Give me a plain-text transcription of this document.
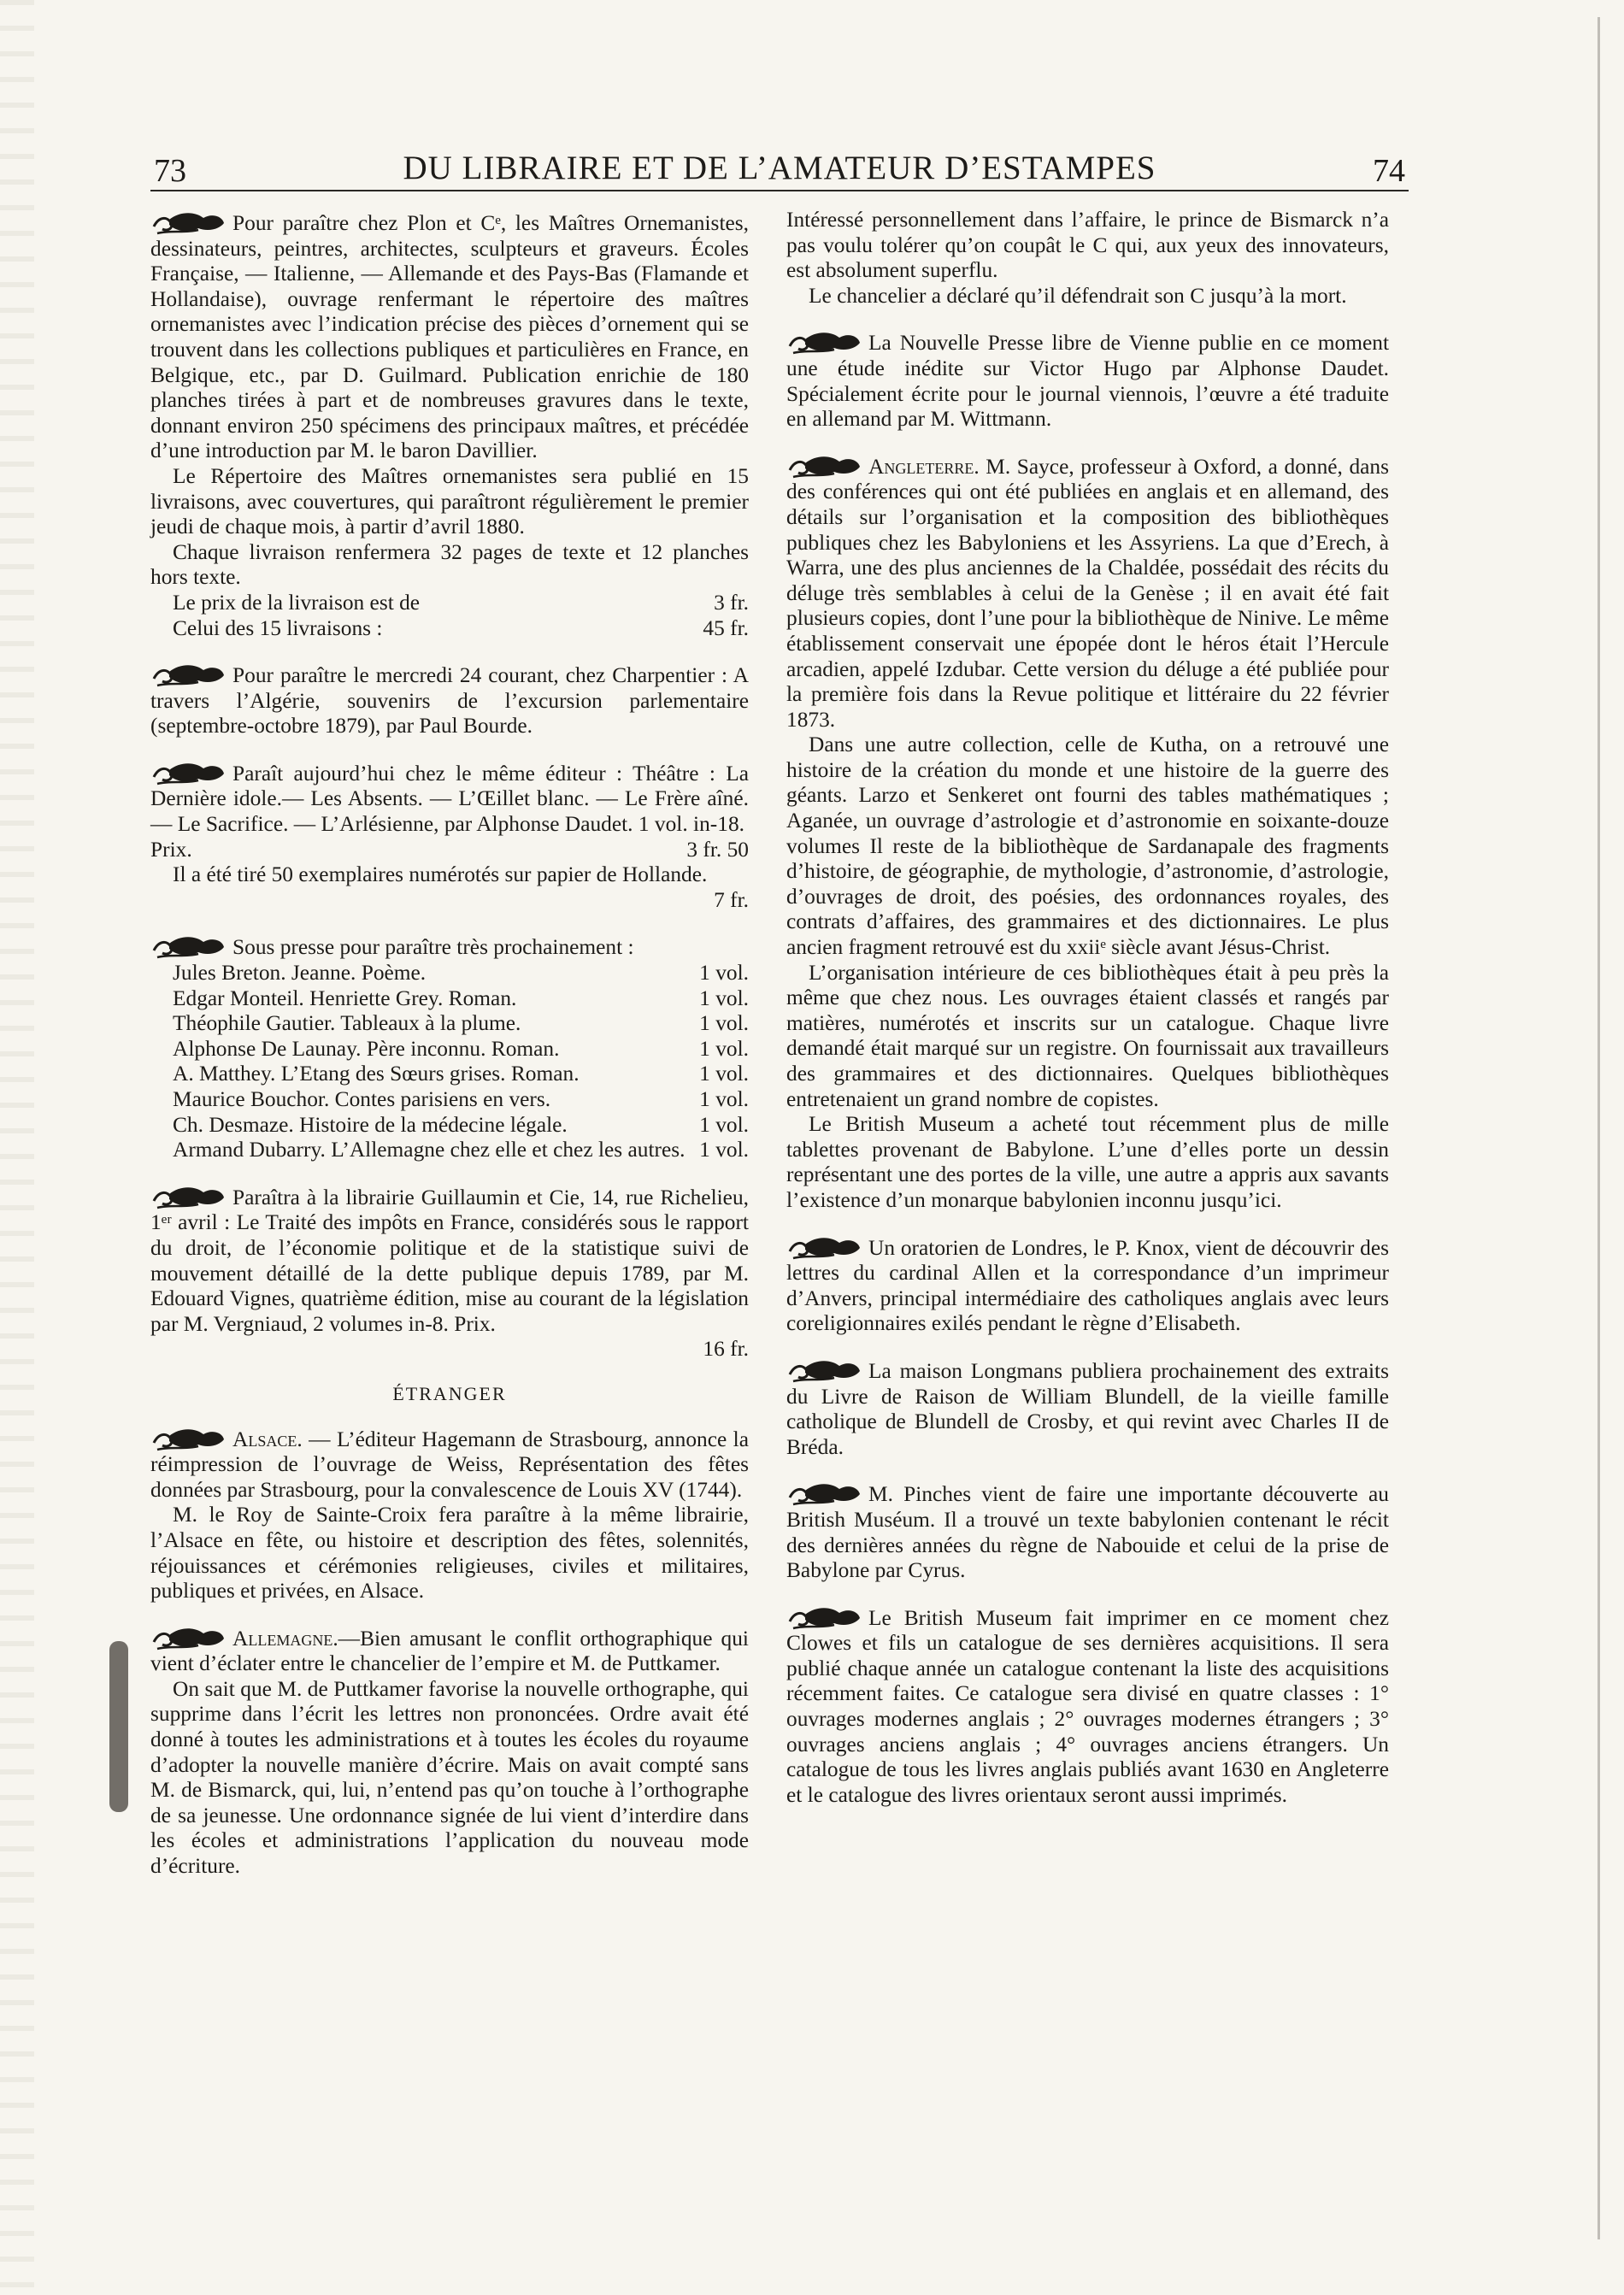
73	DU LIBRAIRE ET DE L’AMATEUR D’ESTAMPES	74

Pour paraître chez Plon et Cᵉ, les Maîtres Ornemanistes, dessinateurs, peintres, architectes, sculpteurs et graveurs. Écoles Française, — Italienne, — Allemande et des Pays-Bas (Flamande et Hollandaise), ouvrage renfermant le répertoire des maîtres ornemanistes avec l’indication précise des pièces d’ornement qui se trouvent dans les collections publiques et particulières en France, en Belgique, etc., par D. Guilmard. Publication enrichie de 180 planches tirées à part et de nombreuses gravures dans le texte, donnant environ 250 spécimens des principaux maîtres, et précédée d’une introduction par M. le baron Davillier.

Le Répertoire des Maîtres ornemanistes sera publié en 15 livraisons, avec couvertures, qui paraîtront régulièrement le premier jeudi de chaque mois, à partir d’avril 1880.

Chaque livraison renfermera 32 pages de texte et 12 planches hors texte.

Le prix de la livraison est de	3 fr.
Celui des 15 livraisons :	45 fr.

Pour paraître le mercredi 24 courant, chez Charpentier : A travers l’Algérie, souvenirs de l’excursion parlementaire (septembre-octobre 1879), par Paul Bourde.

Paraît aujourd’hui chez le même éditeur : Théâtre : La Dernière idole.— Les Absents. — L’Œillet blanc. — Le Frère aîné. — Le Sacrifice. — L’Arlésienne, par Alphonse Daudet. 1 vol. in-18.

Prix.	3 fr. 50

Il a été tiré 50 exemplaires numérotés sur papier de Hollande.

7 fr.

Sous presse pour paraître très prochainement :

Jules Breton. Jeanne. Poème.	1 vol.
Edgar Monteil. Henriette Grey. Roman.	1 vol.
Théophile Gautier. Tableaux à la plume.	1 vol.
Alphonse De Launay. Père inconnu. Roman.	1 vol.
A. Matthey. L’Etang des Sœurs grises. Roman.	1 vol.
Maurice Bouchor. Contes parisiens en vers.	1 vol.
Ch. Desmaze. Histoire de la médecine légale.	1 vol.
Armand Dubarry. L’Allemagne chez elle et chez les autres. 1 vol.

Paraîtra à la librairie Guillaumin et Cie, 14, rue Richelieu, 1ᵉʳ avril : Le Traité des impôts en France, considérés sous le rapport du droit, de l’économie politique et de la statistique suivi de mouvement détaillé de la dette publique depuis 1789, par M. Edouard Vignes, quatrième édition, mise au courant de la législation par M. Vergniaud, 2 volumes in-8. Prix.

16 fr.
ÉTRANGER

Alsace. — L’éditeur Hagemann de Strasbourg, annonce la réimpression de l’ouvrage de Weiss, Représentation des fêtes données par Strasbourg, pour la convalescence de Louis XV (1744).

M. le Roy de Sainte-Croix fera paraître à la même librairie, l’Alsace en fête, ou histoire et description des fêtes, solennités, réjouissances et cérémonies religieuses, civiles et militaires, publiques et privées, en Alsace.

Allemagne.—Bien amusant le conflit orthographique qui vient d’éclater entre le chancelier de l’empire et M. de Puttkamer.

On sait que M. de Puttkamer favorise la nouvelle orthographe, qui supprime dans l’écrit les lettres non prononcées. Ordre avait été donné à toutes les administrations et à toutes les écoles du royaume d’adopter la nouvelle manière d’écrire. Mais on avait compté sans M. de Bismarck, qui, lui, n’entend pas qu’on touche à l’orthographe de sa jeunesse. Une ordonnance signée de lui vient d’interdire dans les écoles et administrations l’application du nouveau mode d’écriture.

Intéressé personnellement dans l’affaire, le prince de Bismarck n’a pas voulu tolérer qu’on coupât le C qui, aux yeux des innovateurs, est absolument superflu.

Le chancelier a déclaré qu’il défendrait son C jusqu’à la mort.

La Nouvelle Presse libre de Vienne publie en ce moment une étude inédite sur Victor Hugo par Alphonse Daudet. Spécialement écrite pour le journal viennois, l’œuvre a été traduite en allemand par M. Wittmann.

Angleterre. M. Sayce, professeur à Oxford, a donné, dans des conférences qui ont été publiées en anglais et en allemand, des détails sur l’organisation et la composition des bibliothèques publiques chez les Babyloniens et les Assyriens. La que d’Erech, à Warra, une des plus anciennes de la Chaldée, possédait des récits du déluge très semblables à celui de la Genèse ; il en avait été fait plusieurs copies, dont l’une pour la bibliothèque de Ninive. Le même établissement conservait une épopée dont le héros était l’Hercule arcadien, appelé Izdubar. Cette version du déluge a été publiée pour la première fois dans la Revue politique et littéraire du 22 février 1873.

Dans une autre collection, celle de Kutha, on a retrouvé une histoire de la création du monde et une histoire de la guerre des géants. Larzo et Senkeret ont fourni des tables mathématiques ; Aganée, un ouvrage d’astrologie et d’astronomie en soixante-douze volumes Il reste de la bibliothèque de Sardanapale des fragments d’histoire, de géographie, de mythologie, d’astronomie, d’astrologie, d’ouvrages de droit, des poésies, des ordonnances royales, des contrats d’affaires, des grammaires et des dictionnaires. Le plus ancien fragment retrouvé est du xxiiᵉ siècle avant Jésus-Christ.

L’organisation intérieure de ces bibliothèques était à peu près la même que chez nous. Les ouvrages étaient classés et rangés par matières, numérotés et inscrits sur un catalogue. Chaque livre demandé était marqué sur un registre. On fournissait aux travailleurs des grammaires et des dictionnaires. Quelques bibliothèques entretenaient un grand nombre de copistes.

Le British Museum a acheté tout récemment plus de mille tablettes provenant de Babylone. L’une d’elles porte un dessin représentant une des portes de la ville, une autre a appris aux savants l’existence d’un monarque babylonien inconnu jusqu’ici.

Un oratorien de Londres, le P. Knox, vient de découvrir des lettres du cardinal Allen et la correspondance d’un imprimeur d’Anvers, principal intermédiaire des catholiques anglais avec leurs coreligionnaires exilés pendant le règne d’Elisabeth.

La maison Longmans publiera prochainement des extraits du Livre de Raison de William Blundell, de la vieille famille catholique de Blundell de Crosby, et qui revint avec Charles II de Bréda.

M. Pinches vient de faire une importante découverte au British Muséum. Il a trouvé un texte babylonien contenant le récit des dernières années du règne de Nabouide et celui de la prise de Babylone par Cyrus.

Le British Museum fait imprimer en ce moment chez Clowes et fils un catalogue de ses dernières acquisitions. Il sera publié chaque année un catalogue contenant la liste des acquisitions récemment faites. Ce catalogue sera divisé en quatre classes : 1° ouvrages modernes anglais ; 2° ouvrages modernes étrangers ; 3° ouvrages anciens anglais ; 4° ouvrages anciens étrangers. Un catalogue de tous les livres anglais publiés avant 1630 en Angleterre et le catalogue des livres orientaux seront aussi imprimés.
